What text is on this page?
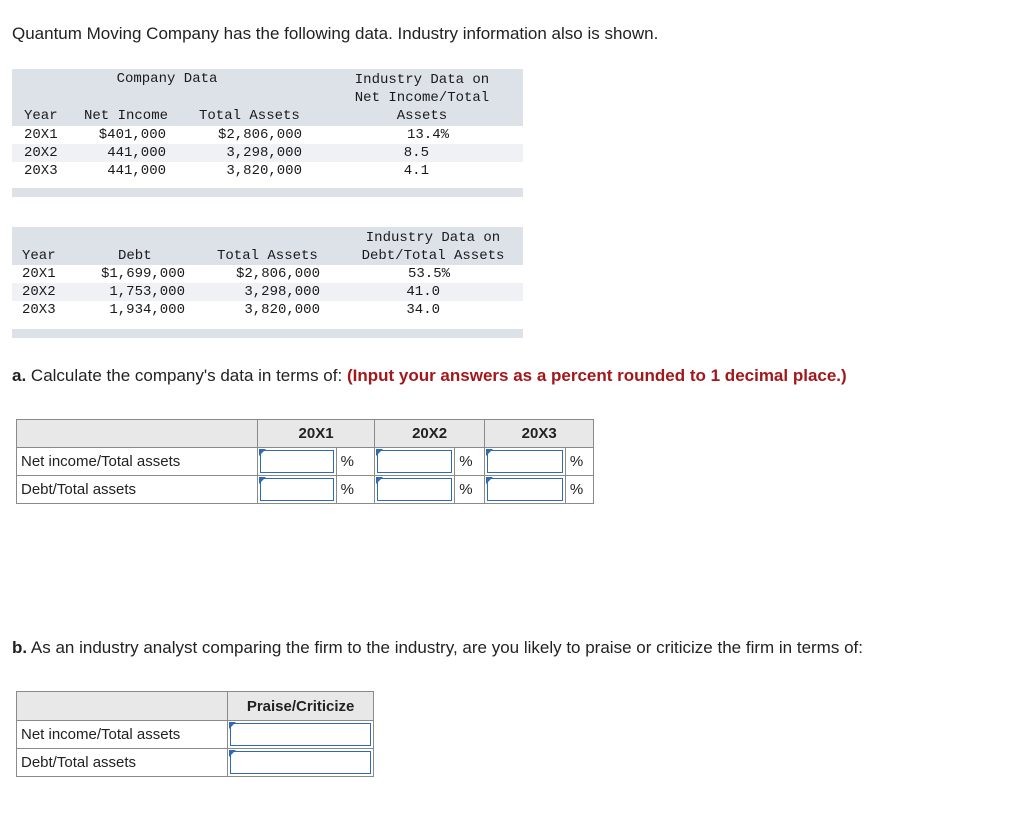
Quantum Moving Company has the following data. Industry information also is shown.
Company Data	Industry Data on
Net Income/Total
Assets
Year Net Income Total Assets
20X1	$401,000	$2,806,000	13.4%
20X2	441,000	3,298,000	8.5
20X3	441,000	3,820,000	4.1
Industry Data on
Debt/Total Assets
Year	Debt	Total Assets
20X1	$1,699,000	$2,806,000	53.5%
20X2	1,753,000	3,298,000	41.0
20X3	1,934,000	3,820,000	34.0
a. Calculate the company's data in terms of: (Input your answers as a percent rounded to 1 decimal place.)
	20X1		20X2		20X3	
Net income/Total assets		%		%		%
Debt/Total assets		%		%		%
b. As an industry analyst comparing the firm to the industry, are you likely to praise or criticize the firm in terms of:
	Praise/Criticize
Net income/Total assets	

Debt/Total assets	
